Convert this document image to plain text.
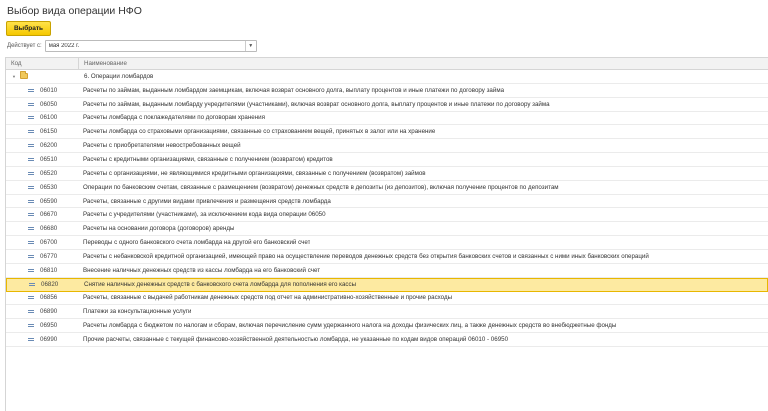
Выбор вида операции НФО
Выбрать
Действует с:
мая 2022 г.	▼
Код	Наименование
▼	6. Операции ломбардов
06010	Расчеты по займам, выданным ломбардом заемщикам, включая возврат основного долга, выплату процентов и иные платежи по договору займа
06050	Расчеты по займам, выданным ломбарду учредителями (участниками), включая возврат основного долга, выплату процентов и иные платежи по договору займа
06100	Расчеты ломбарда с поклажедателями по договорам хранения
06150	Расчеты ломбарда со страховыми организациями, связанные со страхованием вещей, принятых в залог или на хранение
06200	Расчеты с приобретателями невостребованных вещей
06510	Расчеты с кредитными организациями, связанные с получением (возвратом) кредитов
06520	Расчеты с организациями, не являющимися кредитными организациями, связанные с получением (возвратом) займов
06530	Операции по банковским счетам, связанные с размещением (возвратом) денежных средств в депозиты (из депозитов), включая получение процентов по депозитам
06590	Расчеты, связанные с другими видами привлечения и размещения средств ломбарда
06670	Расчеты с учредителями (участниками), за исключением кода вида операции 06050
06680	Расчеты на основании договора (договоров) аренды
06700	Переводы с одного банковского счета ломбарда на другой его банковский счет
06770	Расчеты с небанковской кредитной организацией, имеющей право на осуществление переводов денежных средств без открытия банковских счетов и связанных с ними иных банковских операций
06810	Внесение наличных денежных средств из кассы ломбарда на его банковский счет
06820	Снятие наличных денежных средств с банковского счета ломбарда для пополнения его кассы
06856	Расчеты, связанные с выдачей работникам денежных средств под отчет на административно-хозяйственные и прочие расходы
06890	Платежи за консультационные услуги
06950	Расчеты ломбарда с бюджетом по налогам и сборам, включая перечисление сумм удержанного налога на доходы физических лиц, а также денежных средств во внебюджетные фонды
06990	Прочие расчеты, связанные с текущей финансово-хозяйственной деятельностью ломбарда, не указанные по кодам видов операций 06010 - 06950
